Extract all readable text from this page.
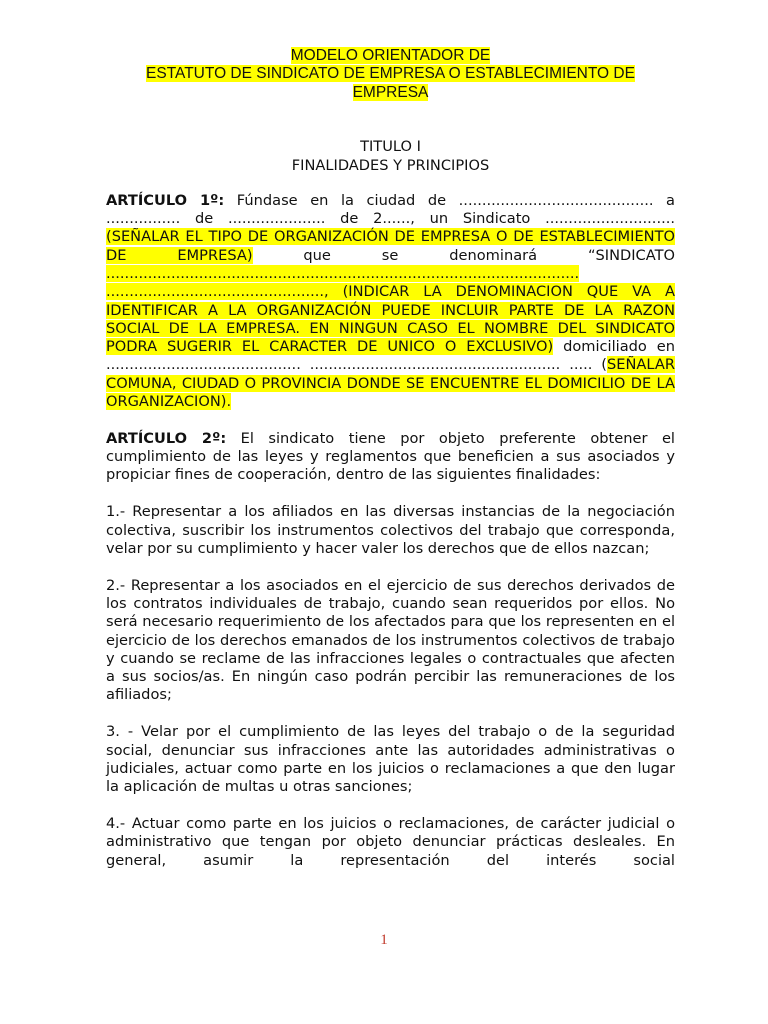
MODELO ORIENTADOR DE
ESTATUTO DE SINDICATO DE EMPRESA O ESTABLECIMIENTO DE
EMPRESA
TITULO I
FINALIDADES Y PRINCIPIOS

ARTÍCULO 1º: Fúndase en la ciudad de .......................................... a ................ de ..................... de 2......, un Sindicato ............................ (SEÑALAR EL TIPO DE ORGANIZACIÓN DE EMPRESA O DE ESTABLECIMIENTO DE EMPRESA) que se denominará “SINDICATO ...................................................................................................... ..............................................., (INDICAR LA DENOMINACION QUE VA A IDENTIFICAR A LA ORGANIZACIÓN PUEDE INCLUIR PARTE DE LA RAZON SOCIAL DE LA EMPRESA. EN NINGUN CASO EL NOMBRE DEL SINDICATO PODRA SUGERIR EL CARACTER DE UNICO O EXCLUSIVO) domiciliado en .......................................... ...................................................... ..... (SEÑALAR COMUNA, CIUDAD O PROVINCIA DONDE SE ENCUENTRE EL DOMICILIO DE LA ORGANIZACION).

ARTÍCULO 2º: El sindicato tiene por objeto preferente obtener el cumplimiento de las leyes y reglamentos que beneficien a sus asociados y propiciar fines de cooperación, dentro de las siguientes finalidades:

1.- Representar a los afiliados en las diversas instancias de la negociación colectiva, suscribir los instrumentos colectivos del trabajo que corresponda, velar por su cumplimiento y hacer valer los derechos que de ellos nazcan;

2.- Representar a los asociados en el ejercicio de sus derechos derivados de los contratos individuales de trabajo, cuando sean requeridos por ellos. No será necesario requerimiento de los afectados para que los representen en el ejercicio de los derechos emanados de los instrumentos colectivos de trabajo y cuando se reclame de las infracciones legales o contractuales que afecten a sus socios/as. En ningún caso podrán percibir las remuneraciones de los afiliados;

3. - Velar por el cumplimiento de las leyes del trabajo o de la seguridad social, denunciar sus infracciones ante las autoridades administrativas o judiciales, actuar como parte en los juicios o reclamaciones a que den lugar la aplicación de multas u otras sanciones;

4.- Actuar como parte en los juicios o reclamaciones, de carácter judicial o administrativo que tengan por objeto denunciar prácticas desleales. En general, asumir la representación del interés social

1
